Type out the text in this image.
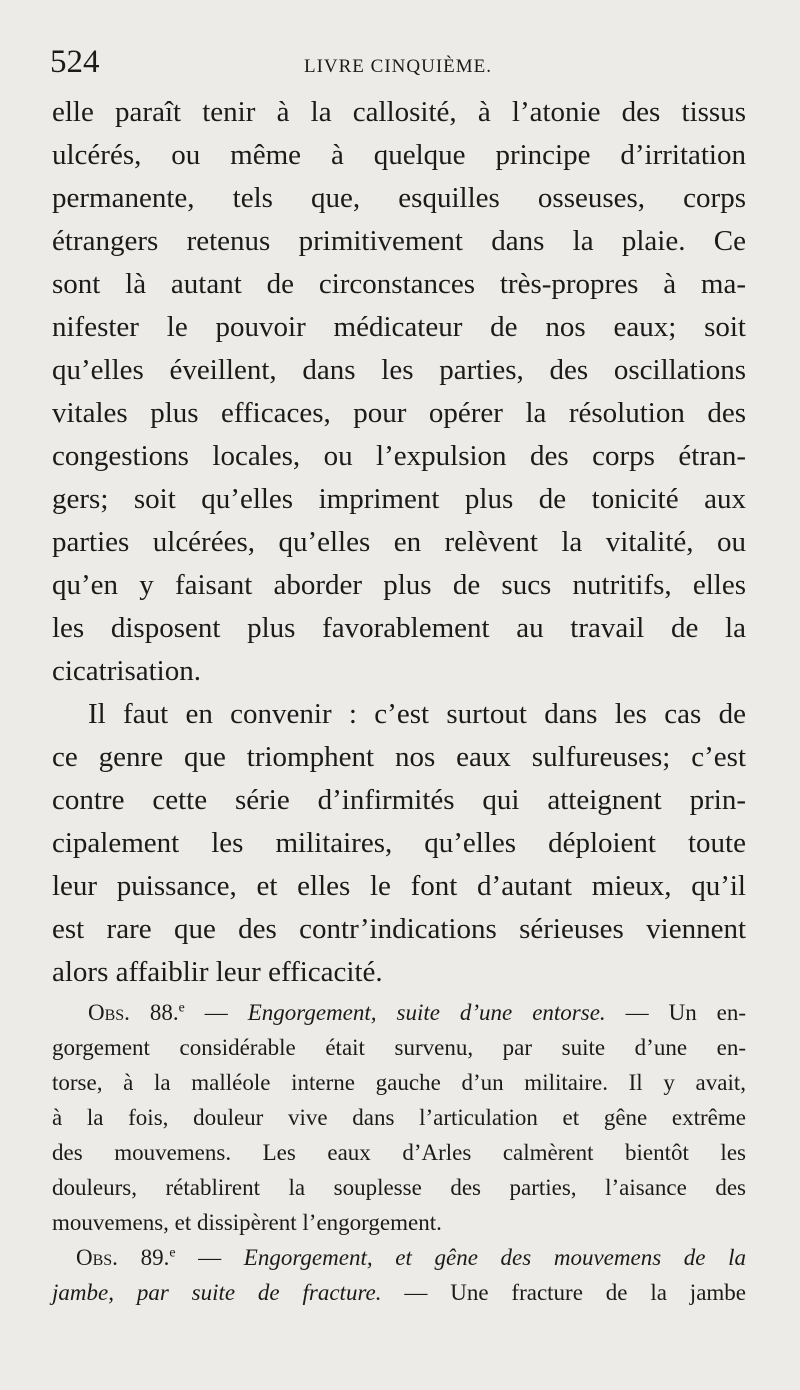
524	LIVRE CINQUIÈME.
elle paraît tenir à la callosité, à l’atonie des tissus
ulcérés, ou même à quelque principe d’irritation
permanente, tels que, esquilles osseuses, corps
étrangers retenus primitivement dans la plaie. Ce
sont là autant de circonstances très-propres à ma-
nifester le pouvoir médicateur de nos eaux; soit
qu’elles éveillent, dans les parties, des oscillations
vitales plus efficaces, pour opérer la résolution des
congestions locales, ou l’expulsion des corps étran-
gers; soit qu’elles impriment plus de tonicité aux
parties ulcérées, qu’elles en relèvent la vitalité, ou
qu’en y faisant aborder plus de sucs nutritifs, elles
les disposent plus favorablement au travail de la
cicatrisation.
Il faut en convenir : c’est surtout dans les cas de
ce genre que triomphent nos eaux sulfureuses; c’est
contre cette série d’infirmités qui atteignent prin-
cipalement les militaires, qu’elles déploient toute
leur puissance, et elles le font d’autant mieux, qu’il
est rare que des contr’indications sérieuses viennent
alors affaiblir leur efficacité.
Obs. 88.$^e$ — Engorgement, suite d’une entorse. — Un en-
gorgement considérable était survenu, par suite d’une en-
torse, à la malléole interne gauche d’un militaire. Il y avait,
à la fois, douleur vive dans l’articulation et gêne extrême
des mouvemens. Les eaux d’Arles calmèrent bientôt les
douleurs, rétablirent la souplesse des parties, l’aisance des
mouvemens, et dissipèrent l’engorgement.
Obs. 89.$^e$ — Engorgement, et gêne des mouvemens de la
jambe, par suite de fracture. — Une fracture de la jambe
